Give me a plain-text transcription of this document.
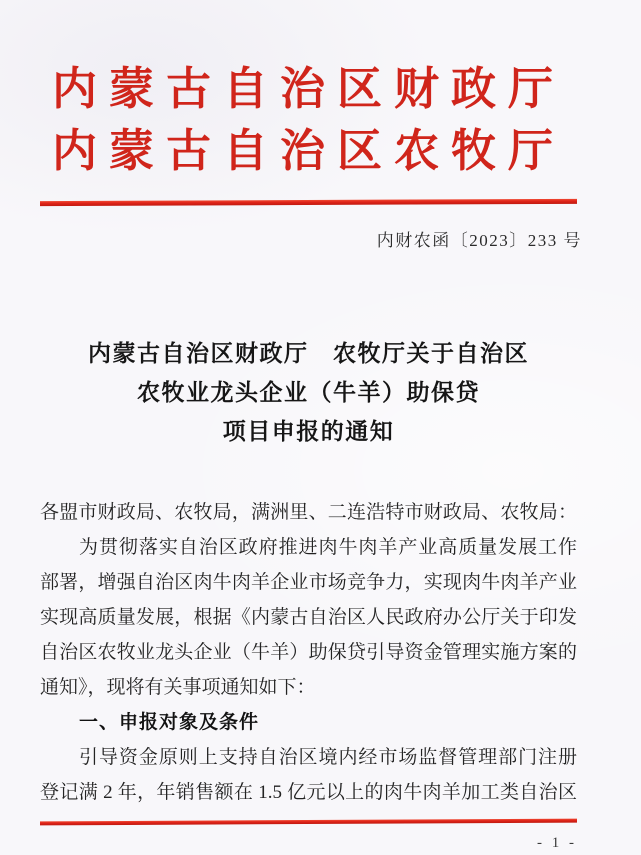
内蒙古自治区财政厅
内蒙古自治区农牧厅
内财农函〔2023〕233 号
内蒙古自治区财政厅　农牧厅关于自治区
农牧业龙头企业（牛羊）助保贷
项目申报的通知
各盟市财政局、农牧局，满洲里、二连浩特市财政局、农牧局：
为贯彻落实自治区政府推进肉牛肉羊产业高质量发展工作
部署，增强自治区肉牛肉羊企业市场竞争力，实现肉牛肉羊产业
实现高质量发展，根据《内蒙古自治区人民政府办公厅关于印发
自治区农牧业龙头企业（牛羊）助保贷引导资金管理实施方案的
通知》，现将有关事项通知如下：
一、申报对象及条件
引导资金原则上支持自治区境内经市场监督管理部门注册
登记满 2 年，年销售额在 1.5 亿元以上的肉牛肉羊加工类自治区
- 1 -
